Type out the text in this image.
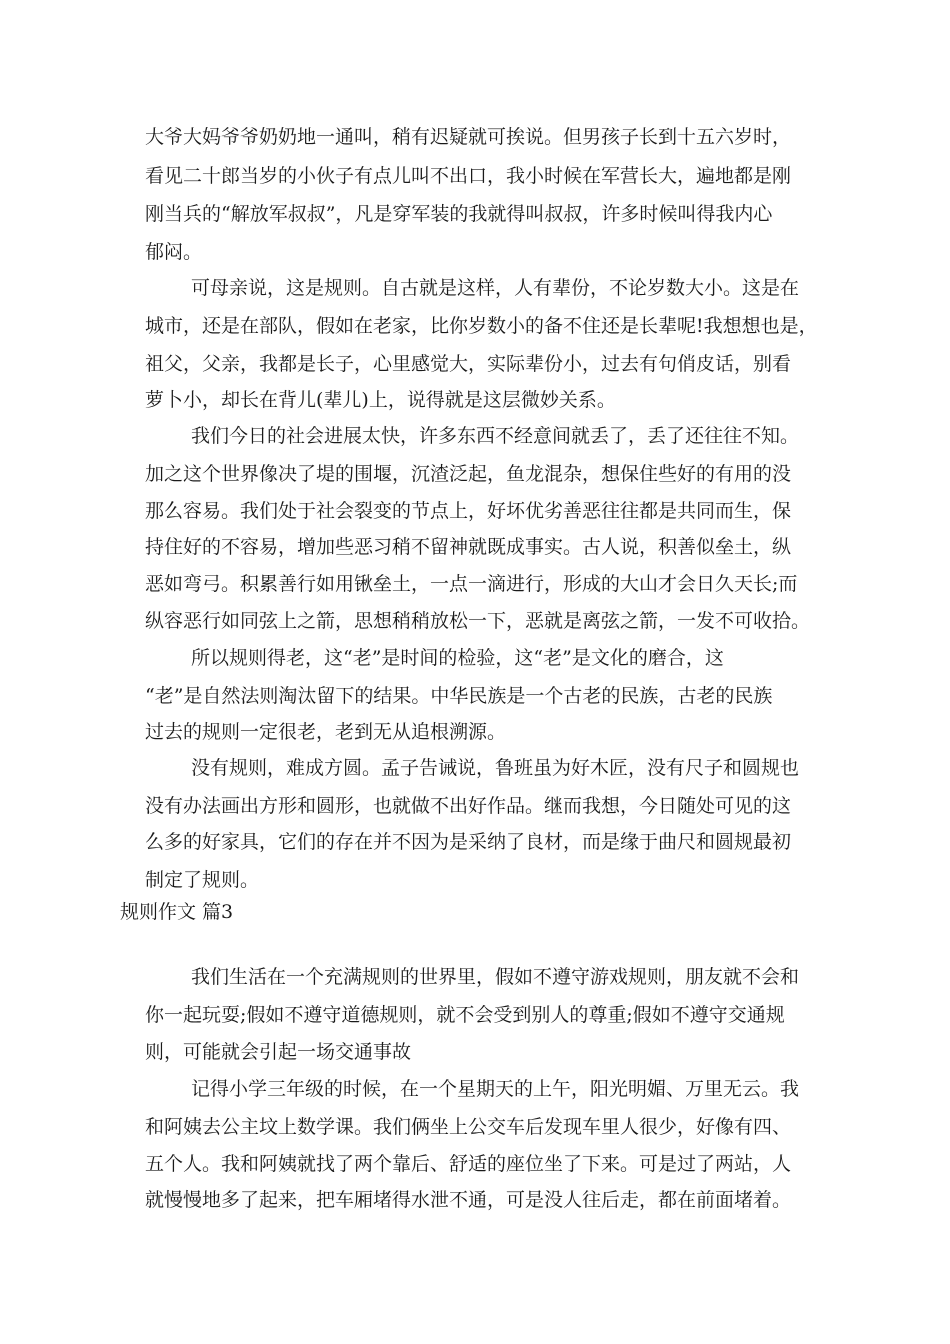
大爷大妈爷爷奶奶地一通叫，稍有迟疑就可挨说。但男孩子长到十五六岁时，
看见二十郎当岁的小伙子有点儿叫不出口，我小时候在军营长大，遍地都是刚
刚当兵的“解放军叔叔”，凡是穿军装的我就得叫叔叔，许多时候叫得我内心
郁闷。
可母亲说，这是规则。自古就是这样，人有辈份，不论岁数大小。这是在
城市，还是在部队，假如在老家，比你岁数小的备不住还是长辈呢!我想想也是，
祖父，父亲，我都是长子，心里感觉大，实际辈份小，过去有句俏皮话，别看
萝卜小，却长在背儿(辈儿)上，说得就是这层微妙关系。
我们今日的社会进展太快，许多东西不经意间就丢了，丢了还往往不知。
加之这个世界像决了堤的围堰，沉渣泛起，鱼龙混杂，想保住些好的有用的没
那么容易。我们处于社会裂变的节点上，好坏优劣善恶往往都是共同而生，保
持住好的不容易，增加些恶习稍不留神就既成事实。古人说，积善似垒土，纵
恶如弯弓。积累善行如用锹垒土，一点一滴进行，形成的大山才会日久天长;而
纵容恶行如同弦上之箭，思想稍稍放松一下，恶就是离弦之箭，一发不可收拾。
所以规则得老，这“老”是时间的检验，这“老”是文化的磨合，这
“老”是自然法则淘汰留下的结果。中华民族是一个古老的民族，古老的民族
过去的规则一定很老，老到无从追根溯源。
没有规则，难成方圆。孟子告诫说，鲁班虽为好木匠，没有尺子和圆规也
没有办法画出方形和圆形，也就做不出好作品。继而我想，今日随处可见的这
么多的好家具，它们的存在并不因为是采纳了良材，而是缘于曲尺和圆规最初
制定了规则。
规则作文 篇3
我们生活在一个充满规则的世界里，假如不遵守游戏规则，朋友就不会和
你一起玩耍;假如不遵守道德规则，就不会受到别人的尊重;假如不遵守交通规
则，可能就会引起一场交通事故
记得小学三年级的时候，在一个星期天的上午，阳光明媚、万里无云。我
和阿姨去公主坟上数学课。我们俩坐上公交车后发现车里人很少，好像有四、
五个人。我和阿姨就找了两个靠后、舒适的座位坐了下来。可是过了两站，人
就慢慢地多了起来，把车厢堵得水泄不通，可是没人往后走，都在前面堵着。
